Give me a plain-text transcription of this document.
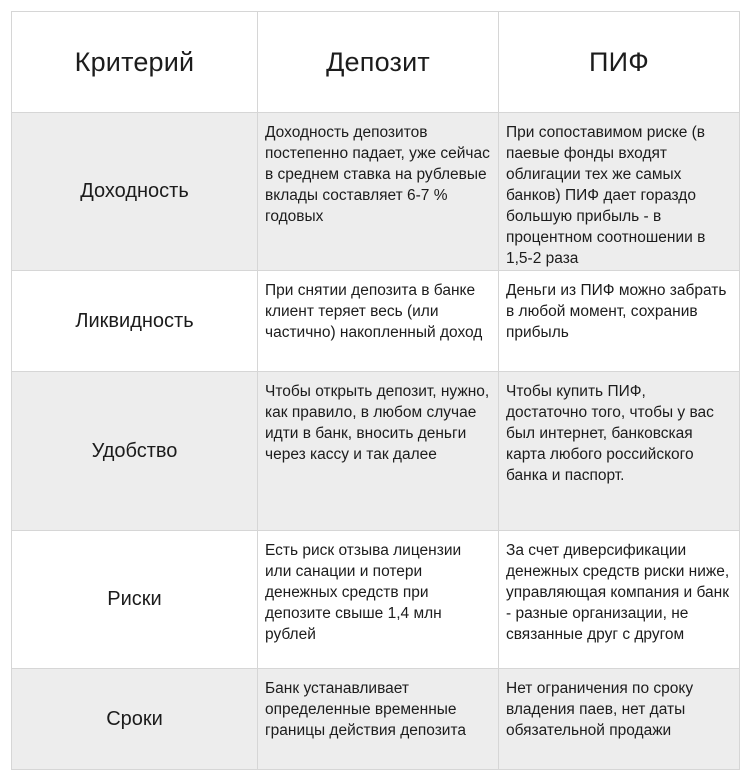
Критерий	Депозит	ПИФ
Доходность	Доходность депозитов постепенно падает, уже сейчас в среднем ставка на рублевые вклады составляет 6-7 % годовых	При сопоставимом риске (в паевые фонды входят облигации тех же самых банков) ПИФ дает гораздо большую прибыль - в процентном соотношении в 1,5-2 раза
Ликвидность	При снятии депозита в банке клиент теряет весь (или частично) накопленный доход	Деньги из ПИФ можно забрать в любой момент, сохранив прибыль
Удобство	Чтобы открыть депозит, нужно, как правило, в любом случае идти в банк, вносить деньги через кассу и так далее	Чтобы купить ПИФ, достаточно того, чтобы у вас был интернет, банковская карта любого российского банка и паспорт.
Риски	Есть риск отзыва лицензии или санации и потери денежных средств при депозите свыше 1,4 млн рублей	За счет диверсификации денежных средств риски ниже, управляющая компания и банк - разные организации, не связанные друг с другом
Сроки	Банк устанавливает определенные временные границы действия депозита	Нет ограничения по сроку владения паев, нет даты обязательной продажи
